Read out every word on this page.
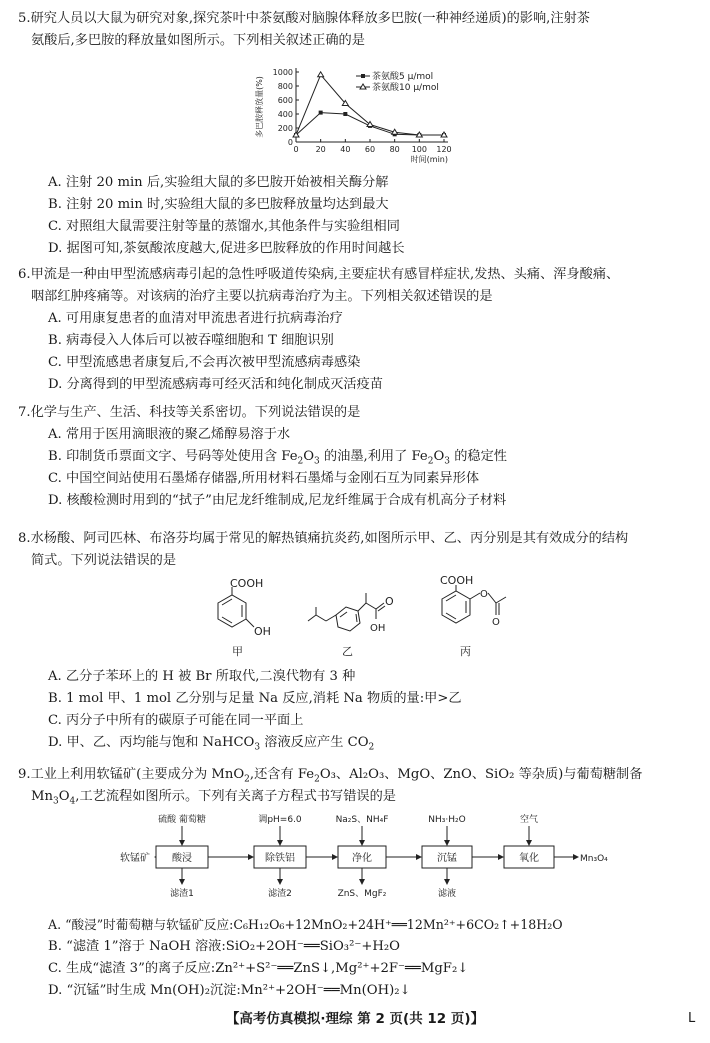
5.研究人员以大鼠为研究对象,探究茶叶中茶氨酸对脑腺体释放多巴胺(一种神经递质)的影响,注射茶
氨酸后,多巴胺的释放量如图所示。下列相关叙述正确的是
0
200
400
600
800
1000
0 20 40 60 80 100 120
时间(min)
多巴胺释放量(%)	茶氨酸5 μ/mol
茶氨酸10 μ/mol
A. 注射 20 min 后,实验组大鼠的多巴胺开始被相关酶分解
B. 注射 20 min 时,实验组大鼠的多巴胺释放量均达到最大
C. 对照组大鼠需要注射等量的蒸馏水,其他条件与实验组相同
D. 据图可知,茶氨酸浓度越大,促进多巴胺释放的作用时间越长
6.甲流是一种由甲型流感病毒引起的急性呼吸道传染病,主要症状有感冒样症状,发热、头痛、浑身酸痛、
咽部红肿疼痛等。对该病的治疗主要以抗病毒治疗为主。下列相关叙述错误的是
A. 可用康复患者的血清对甲流患者进行抗病毒治疗
B. 病毒侵入人体后可以被吞噬细胞和 T 细胞识别
C. 甲型流感患者康复后,不会再次被甲型流感病毒感染
D. 分离得到的甲型流感病毒可经灭活和纯化制成灭活疫苗
7.化学与生产、生活、科技等关系密切。下列说法错误的是
A. 常用于医用滴眼液的聚乙烯醇易溶于水
B. 印制货币票面文字、号码等处使用含 $Fe_2O_3$ 的油墨,利用了 $Fe_2O_3$ 的稳定性
C. 中国空间站使用石墨烯存储器,所用材料石墨烯与金刚石互为同素异形体
D. 核酸检测时用到的“拭子”由尼龙纤维制成,尼龙纤维属于合成有机高分子材料
8.水杨酸、阿司匹林、布洛芬均属于常见的解热镇痛抗炎药,如图所示甲、乙、丙分别是其有效成分的结构
简式。下列说法错误的是
COOH
OH
甲
O
OH
乙
COOH
O
O
丙
A. 乙分子苯环上的 H 被 Br 所取代,二溴代物有 3 种
B. 1 mol 甲、1 mol 乙分别与足量 Na 反应,消耗 Na 物质的量:甲>乙
C. 丙分子中所有的碳原子可能在同一平面上
D. 甲、乙、丙均能与饱和 NaHCO$_3$ 溶液反应产生 $CO_2$
9.工业上利用软锰矿(主要成分为 MnO$_2$,还含有 $Fe_2O_3$、Al₂O₃、MgO、ZnO、SiO₂ 等杂质)与葡萄糖制备
$Mn_3O_4$,工艺流程如图所示。下列有关离子方程式书写错误的是
软锰矿 酸浸
硫酸 葡萄糖
滤渣1
除铁铝
调pH=6.0
滤渣2
净化
Na₂S、NH₄F
ZnS、MgF₂
沉锰
NH₃·H₂O
滤液
氧化
空气
Mn₃O₄
A. “酸浸”时葡萄糖与软锰矿反应:C₆H₁₂O₆+12MnO₂+24H⁺══12Mn²⁺+6CO₂↑+18H₂O
B. “滤渣 1”溶于 NaOH 溶液:SiO₂+2OH⁻══SiO₃²⁻+H₂O
C. 生成“滤渣 3”的离子反应:Zn²⁺+S²⁻══ZnS↓,Mg²⁺+2F⁻══MgF₂↓
D. “沉锰”时生成 Mn(OH)₂沉淀:Mn²⁺+2OH⁻══Mn(OH)₂↓
【高考仿真模拟·理综 第 2 页(共 12 页)】	L
